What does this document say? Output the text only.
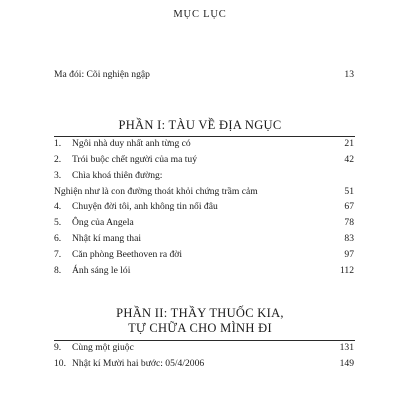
MỤC LỤC
Ma đói: Cõi nghiện ngập	13
PHẦN I: TÀU VỀ ĐỊA NGỤC
1. Ngôi nhà duy nhất anh từng có	21
2. Trói buộc chết người của ma tuý	42
3. Chìa khoá thiên đường:
Nghiện như là con đường thoát khỏi chứng trầm cảm	51
4. Chuyện đời tôi, anh không tin nổi đâu	67
5. Ông của Angela	78
6. Nhật kí mang thai	83
7. Căn phòng Beethoven ra đời	97
8. Ánh sáng le lói	112
PHẦN II: THẦY THUỐC KIA,
TỰ CHỮA CHO MÌNH ĐI
9. Cùng một giuộc	131
10. Nhật kí Mười hai bước: 05/4/2006	149
